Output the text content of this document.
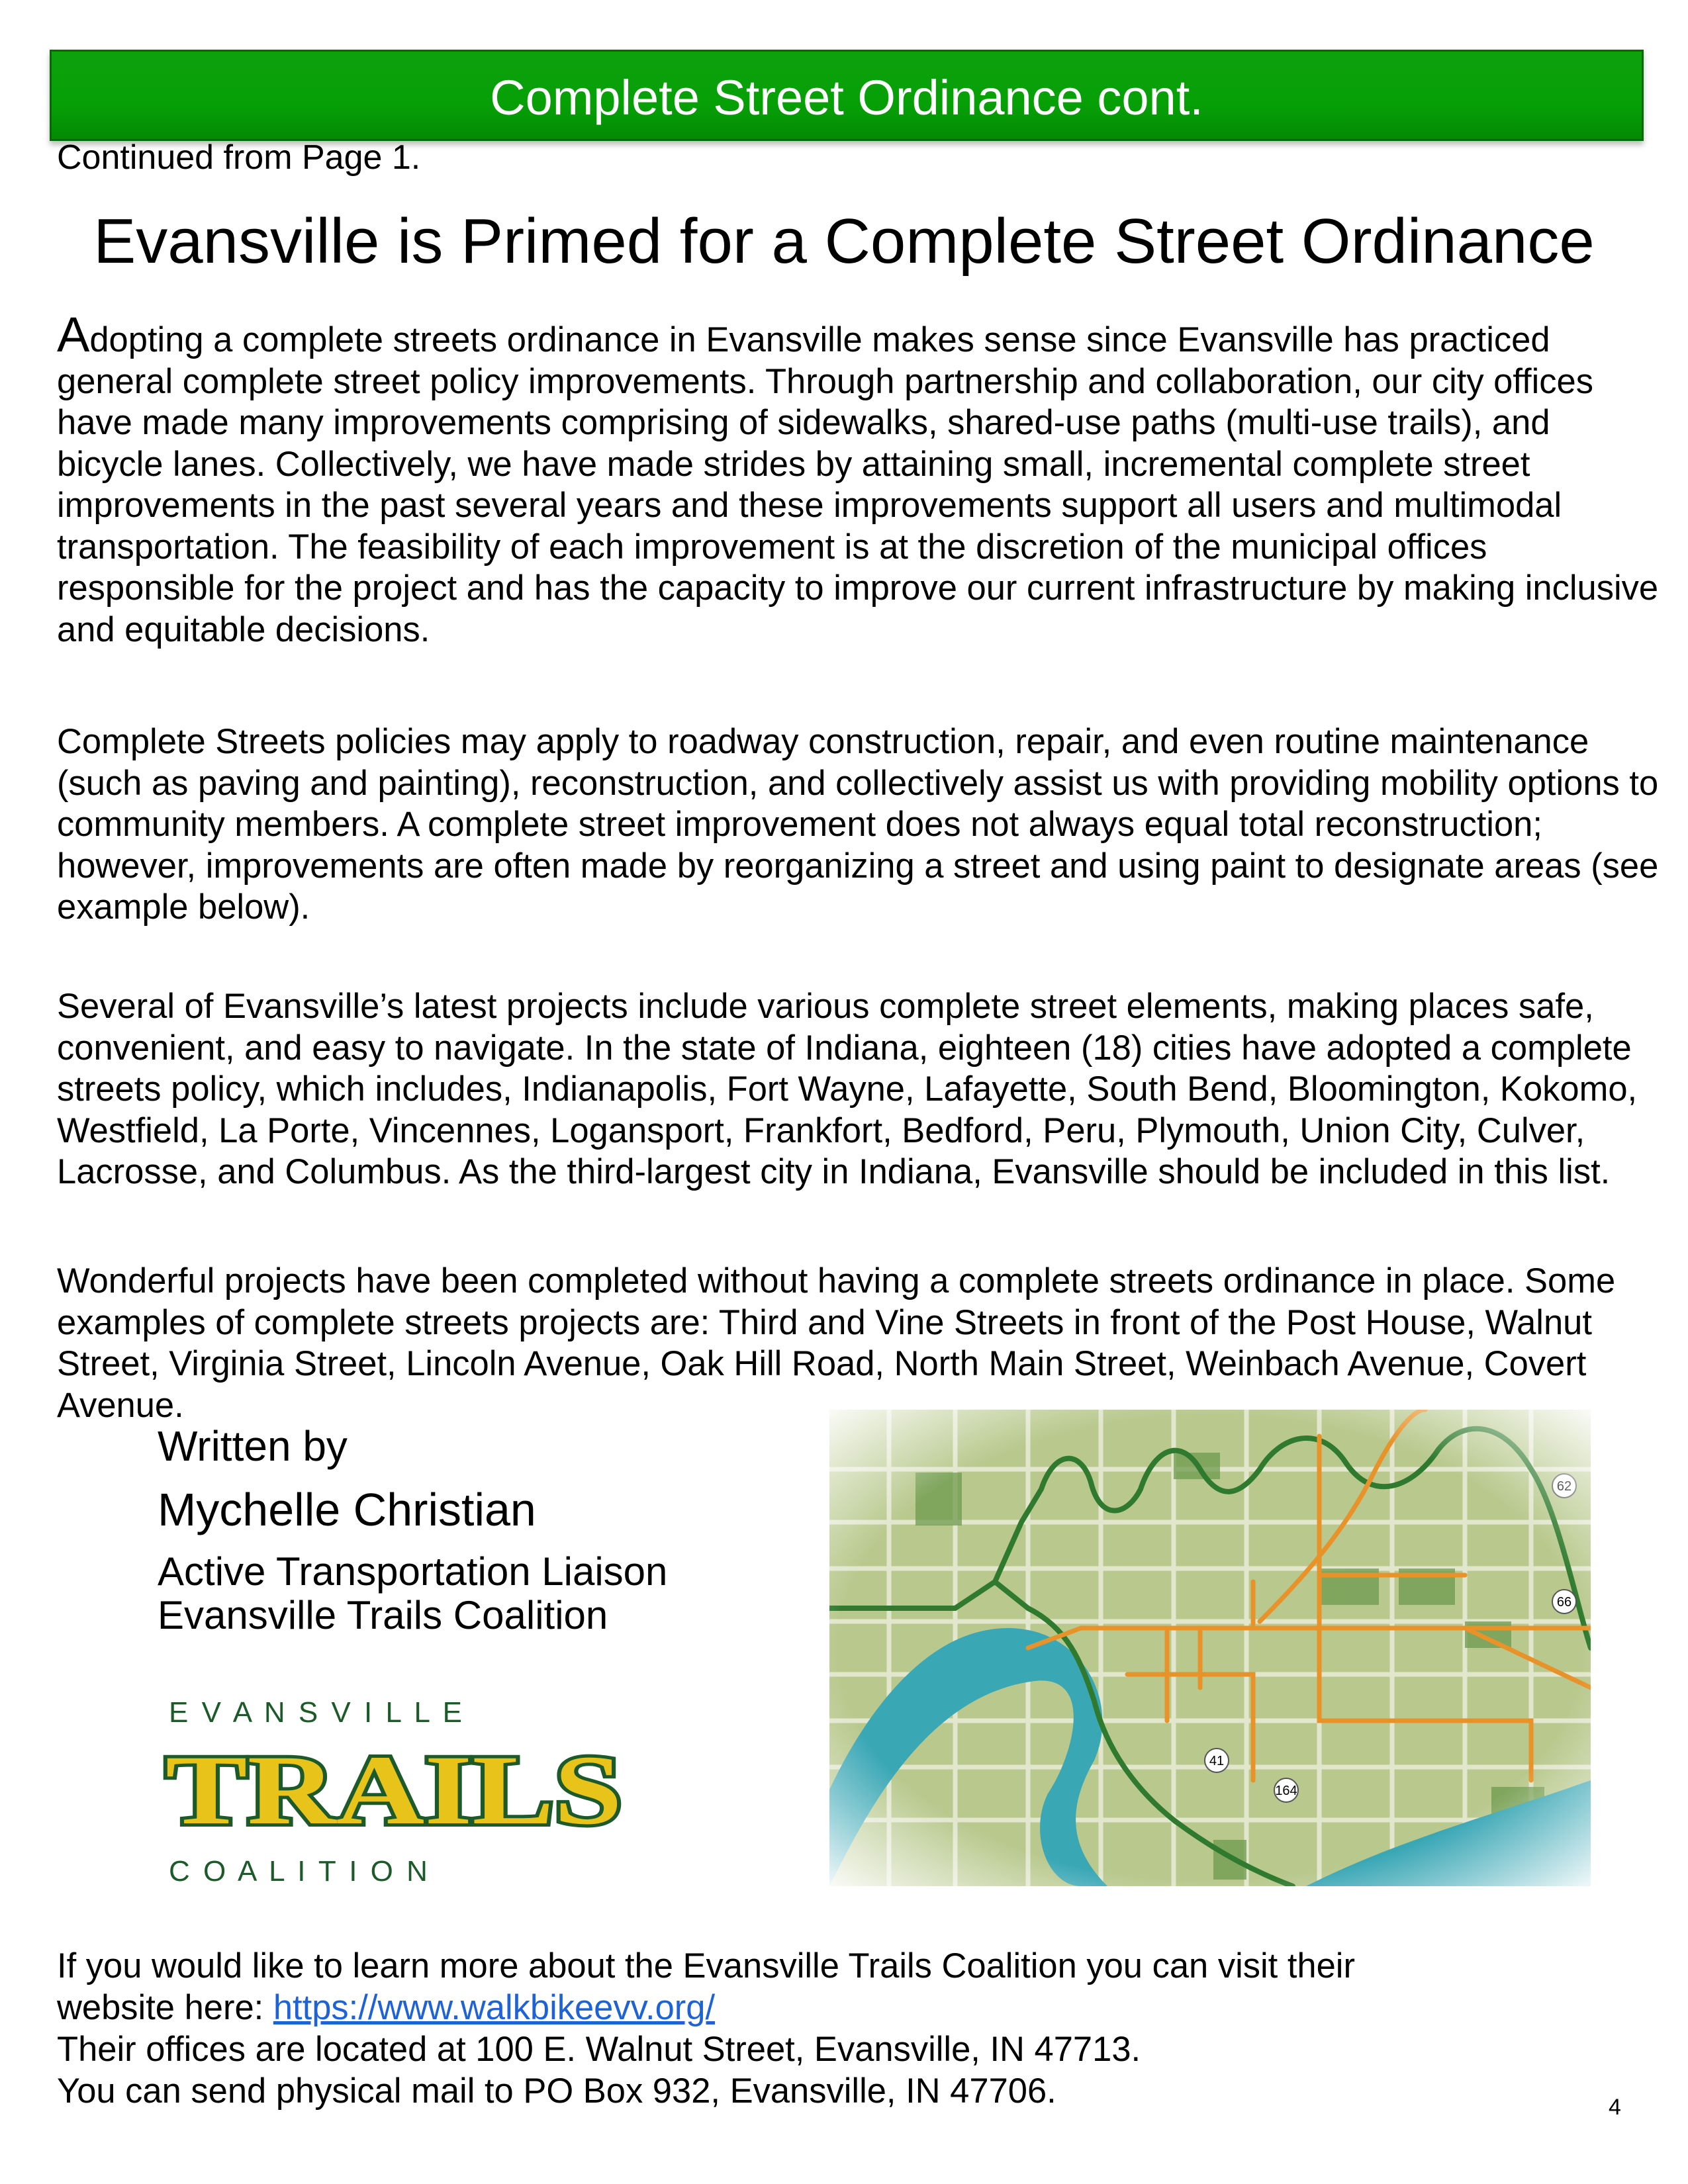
Complete Street Ordinance cont.
Continued from Page 1.
Evansville is Primed for a Complete Street Ordinance

Adopting a complete streets ordinance in Evansville makes sense since Evansville has practiced general complete street policy improvements. Through partnership and collaboration, our city offices have made many improvements comprising of sidewalks, shared-use paths (multi-use trails), and bicycle lanes. Collectively, we have made strides by attaining small, incremental complete street improvements in the past several years and these improvements support all users and multimodal transportation. The feasibility of each improvement is at the discretion of the municipal offices responsible for the project and has the capacity to improve our current infrastructure by making inclusive and equitable decisions.

Complete Streets policies may apply to roadway construction, repair, and even routine maintenance (such as paving and painting), reconstruction, and collectively assist us with providing mobility options to community members. A complete street improvement does not always equal total reconstruction; however, improvements are often made by reorganizing a street and using paint to designate areas (see example below).

Several of Evansville’s latest projects include various complete street elements, making places safe, convenient, and easy to navigate. In the state of Indiana, eighteen (18) cities have adopted a complete streets policy, which includes, Indianapolis, Fort Wayne, Lafayette, South Bend, Bloomington, Kokomo, Westfield, La Porte, Vincennes, Logansport, Frankfort, Bedford, Peru, Plymouth, Union City, Culver, Lacrosse, and Columbus. As the third-largest city in Indiana, Evansville should be included in this list.

Wonderful projects have been completed without having a complete streets ordinance in place. Some examples of complete streets projects are: Third and Vine Streets in front of the Post House, Walnut Street, Virginia Street, Lincoln Avenue, Oak Hill Road, North Main Street, Weinbach Avenue, Covert Avenue.

Written by
Mychelle Christian
Active Transportation Liaison
Evansville Trails Coalition
E V A N S V I L L E
TRAILS
C O A L I T I O N
If you would like to learn more about the Evansville Trails Coalition you can visit their
website here: https://www.walkbikeevv.org/
Their offices are located at 100 E. Walnut Street, Evansville, IN 47713.
You can send physical mail to PO Box 932, Evansville, IN 47706.	4
